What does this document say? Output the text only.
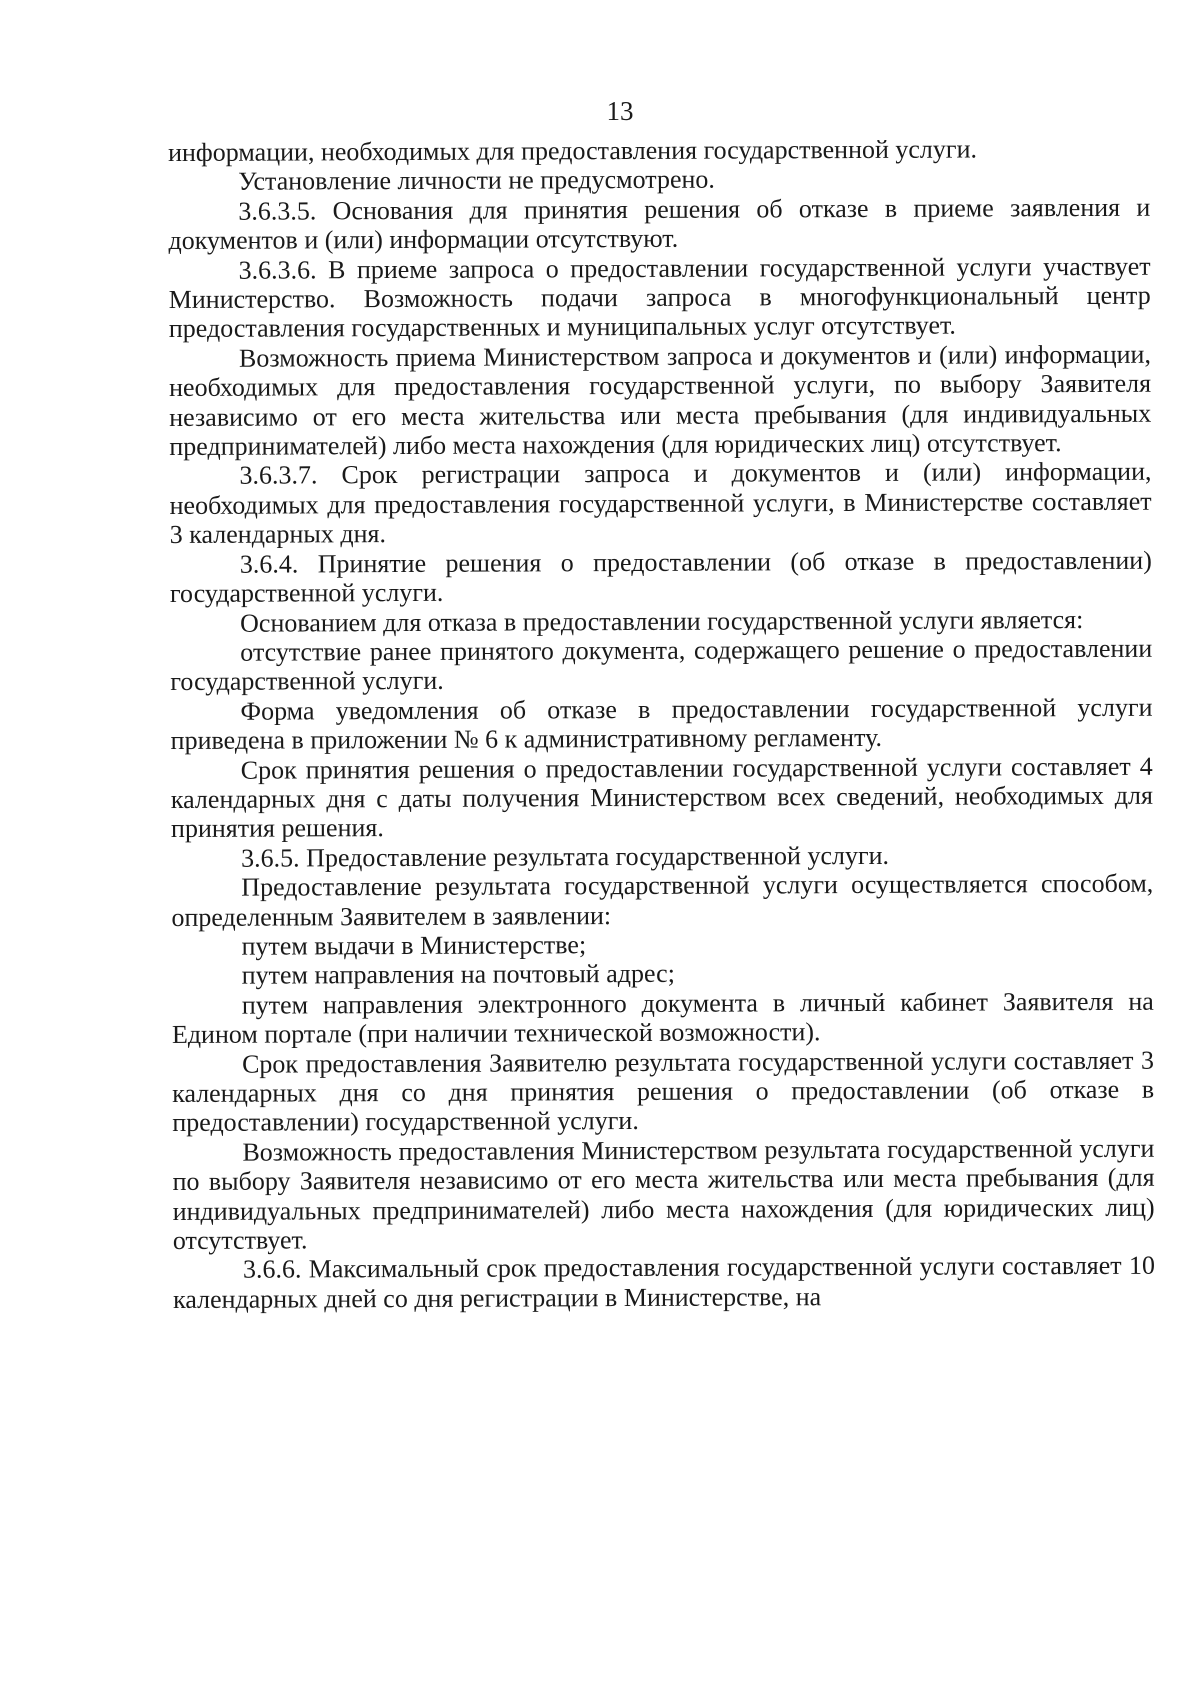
13

информации, необходимых для предоставления государственной услуги.

Установление личности не предусмотрено.

3.6.3.5. Основания для принятия решения об отказе в приеме заявления и документов и (или) информации отсутствуют.

3.6.3.6. В приеме запроса о предоставлении государственной услуги участвует Министерство. Возможность подачи запроса в многофункциональный центр предоставления государственных и муниципальных услуг отсутствует.

Возможность приема Министерством запроса и документов и (или) информации, необходимых для предоставления государственной услуги, по выбору Заявителя независимо от его места жительства или места пребывания (для индивидуальных предпринимателей) либо места нахождения (для юридических лиц) отсутствует.

3.6.3.7. Срок регистрации запроса и документов и (или) информации, необходимых для предоставления государственной услуги, в Министерстве составляет 3 календарных дня.

3.6.4. Принятие решения о предоставлении (об отказе в предоставлении) государственной услуги.

Основанием для отказа в предоставлении государственной услуги является:

отсутствие ранее принятого документа, содержащего решение о предоставлении государственной услуги.

Форма уведомления об отказе в предоставлении государственной услуги приведена в приложении № 6 к административному регламенту.

Срок принятия решения о предоставлении государственной услуги составляет 4 календарных дня с даты получения Министерством всех сведений, необходимых для принятия решения.

3.6.5. Предоставление результата государственной услуги.

Предоставление результата государственной услуги осуществляется способом, определенным Заявителем в заявлении:

путем выдачи в Министерстве;

путем направления на почтовый адрес;

путем направления электронного документа в личный кабинет Заявителя на Едином портале (при наличии технической возможности).

Срок предоставления Заявителю результата государственной услуги составляет 3 календарных дня со дня принятия решения о предоставлении (об отказе в предоставлении) государственной услуги.

Возможность предоставления Министерством результата государственной услуги по выбору Заявителя независимо от его места жительства или места пребывания (для индивидуальных предпринимателей) либо места нахождения (для юридических лиц) отсутствует.

3.6.6. Максимальный срок предоставления государственной услуги составляет 10 календарных дней со дня регистрации в Министерстве, на
